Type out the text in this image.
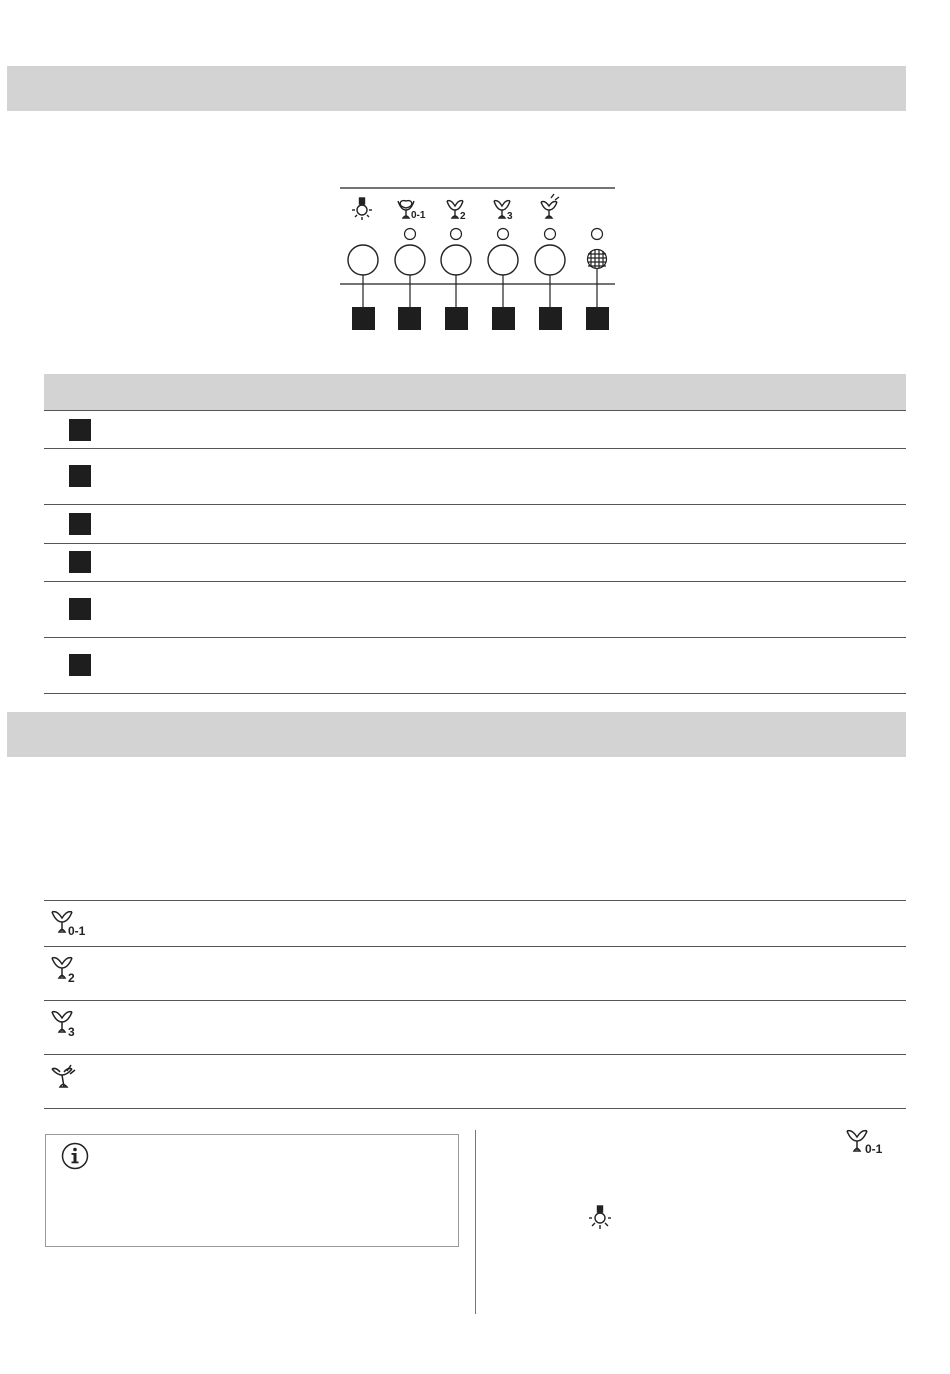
0-1	2	3
0-1
2
3
0-1
